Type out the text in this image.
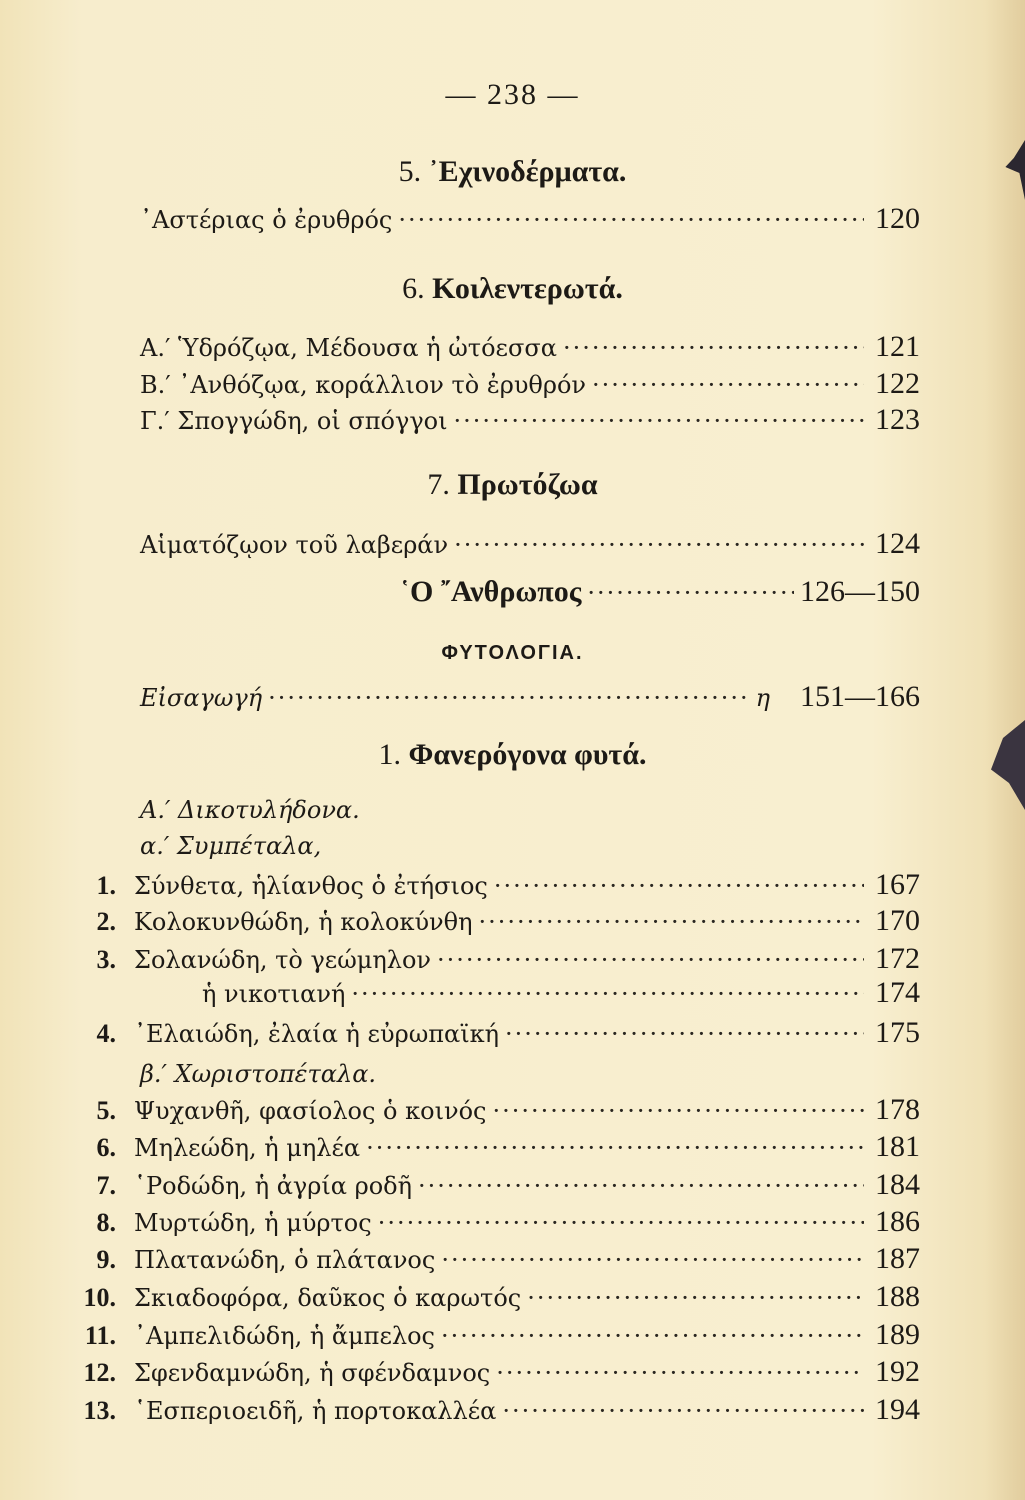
— 238 —
5. ᾿Εχινοδέρματα.
᾿Αστέριας ὁ ἐρυθρός ·····	120
6. Κοιλεντερωτά.
Α.′ Ὑδρόζῳα, Μέδουσα ἡ ὠτόεσσα ·····	121
Β.′ ᾿Ανθόζῳα, κοράλλιον τὸ ἐρυθρόν ·····	122
Γ.′ Σπογγώδη, οἱ σπόγγοι ·····	123
7. Πρωτόζωα
Αἱματόζῳον τοῦ λαβεράν ·····	124
῾Ο ῎Ανθρωπος ·····	126—150
ΦΥΤΟΛΟΓΙΑ.
Εἰσαγωγή ·····	η 151—166
1. Φανερόγονα φυτά.
Α.′ Δικοτυλήδονα.
α.′ Συμπέταλα,
1. Σύνθετα, ἡλίανθος ὁ ἐτήσιος ·····	167
2. Κολοκυνθώδη, ἡ κολοκύνθη ·····	170
3. Σολανώδη, τὸ γεώμηλον ·····	172
ἡ νικοτιανή ·····	174
4. ᾿Ελαιώδη, ἐλαία ἡ εὐρωπαϊκή ·····	175
5. Ψυχανθῆ, φασίολος ὁ κοινός ·····	178
6. Μηλεώδη, ἡ μηλέα ·····	181
7. ῾Ροδώδη, ἡ ἀγρία ροδῆ ·····	184
8. Μυρτώδη, ἡ μύρτος ·····	186
9. Πλατανώδη, ὁ πλάτανος ·····	187
10. Σκιαδοφόρα, δαῦκος ὁ καρωτός ·····	188
11. ᾿Αμπελιδώδη, ἡ ἄμπελος ·····	189
12. Σφενδαμνώδη, ἡ σφένδαμνος ·····	192
13. ῾Εσπεριοειδῆ, ἡ πορτοκαλλέα ·····	194
β.′ Χωριστοπέταλα.
